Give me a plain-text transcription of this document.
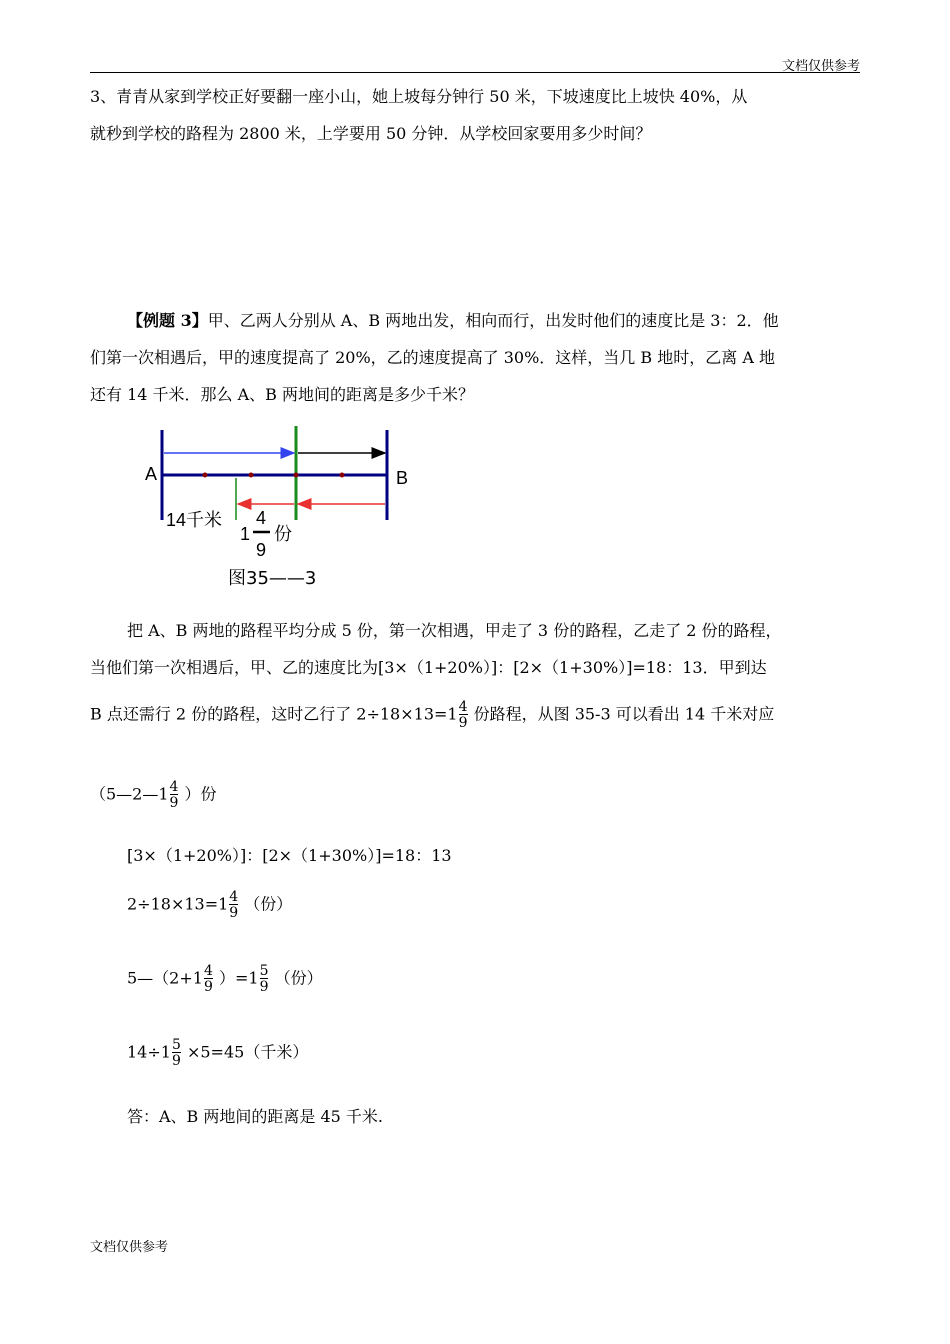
文档仅供参考
3、青青从家到学校正好要翻一座小山，她上坡每分钟行 50 米，下坡速度比上坡快 40%，从
就秒到学校的路程为 2800 米，上学要用 50 分钟．从学校回家要用多少时间？
【例题 3】甲、乙两人分别从 A、B 两地出发，相向而行，出发时他们的速度比是 3：2．他
们第一次相遇后，甲的速度提高了 20%，乙的速度提高了 30%．这样，当几 B 地时，乙离 A 地
还有 14 千米．那么 A、B 两地间的距离是多少千米？
A	B
14千米
1
4
9
份
图35——3
把 A、B 两地的路程平均分成 5 份，第一次相遇，甲走了 3 份的路程，乙走了 2 份的路程，
当他们第一次相遇后，甲、乙的速度比为[3×（1+20%）]：[2×（1+30%）]=18：13．甲到达
B 点还需行 2 份的路程，这时乙行了 $2\div 18\times 13=1 \frac{4}{9}$ 份路程，从图 35-3 可以看出 14 千米对应
（5—2—1 $\frac{4}{9}$ ）份
[3×（1+20%）]：[2×（1+30%）]=18：13
$2\div 18\times 13=1 \frac{4}{9}$ （份）
5—（2+1 $\frac{4}{9} )=1 \frac{5}{9}$ （份）
$14\div 1 \frac{5}{9} \times 5=45$（千米）
答：A、B 两地间的距离是 45 千米.
文档仅供参考
